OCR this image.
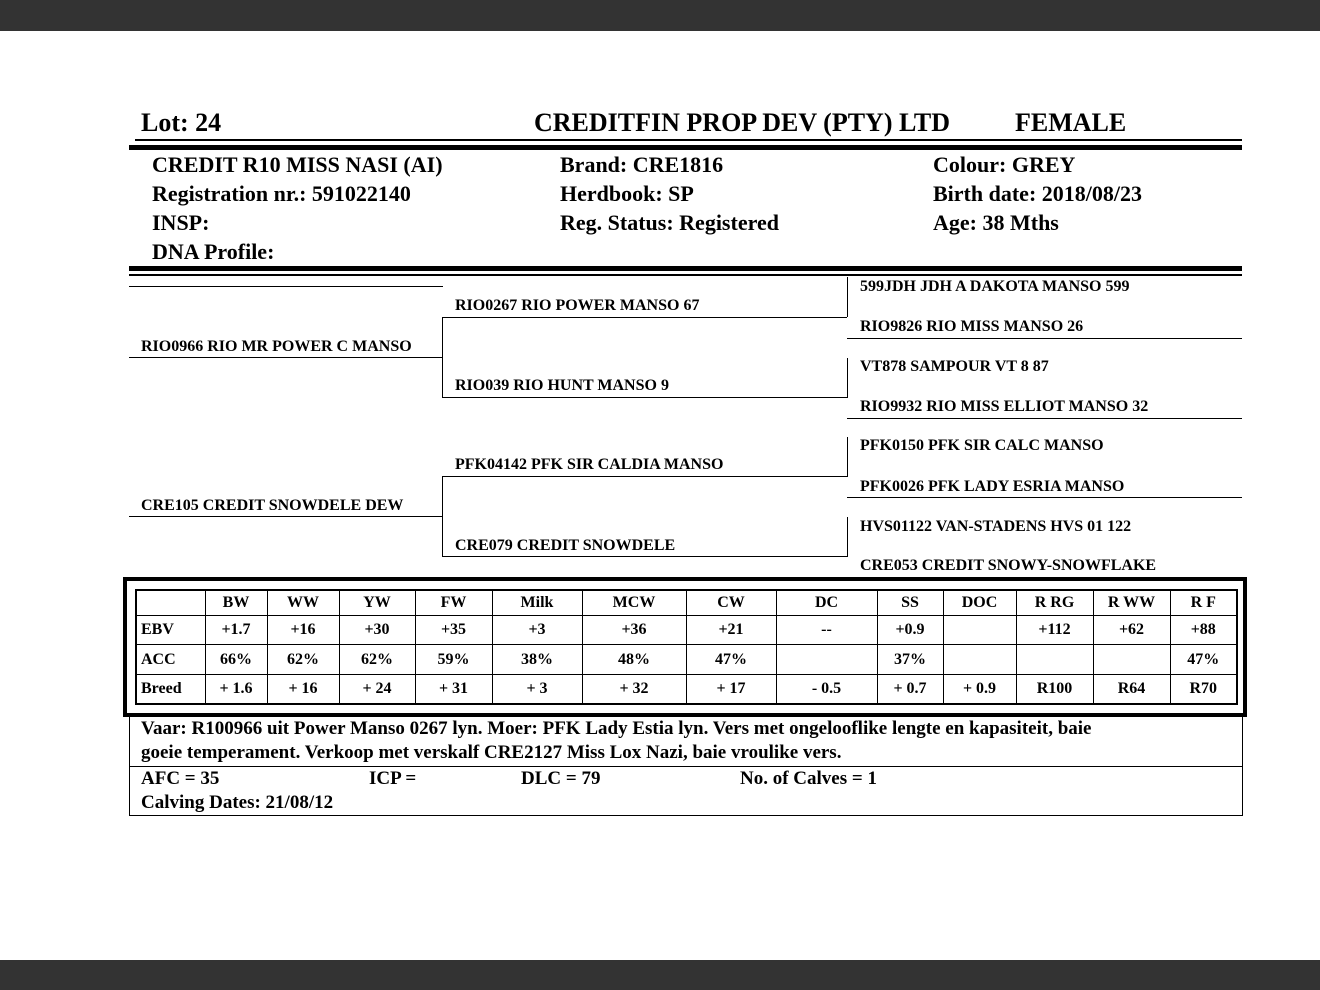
Lot: 24	CREDITFIN PROP DEV (PTY) LTD FEMALE
CREDIT R10 MISS NASI (AI)
Registration nr.: 591022140
INSP:
DNA Profile:
Brand: CRE1816
Herdbook: SP
Reg. Status: Registered
Colour: GREY
Birth date: 2018/08/23
Age: 38 Mths
RIO0966 RIO MR POWER C MANSO
CRE105 CREDIT SNOWDELE DEW
RIO0267 RIO POWER MANSO 67
RIO039 RIO HUNT MANSO 9
PFK04142 PFK SIR CALDIA MANSO
CRE079 CREDIT SNOWDELE
599JDH JDH A DAKOTA MANSO 599
RIO9826 RIO MISS MANSO 26
VT878 SAMPOUR VT 8 87
RIO9932 RIO MISS ELLIOT MANSO 32
PFK0150 PFK SIR CALC MANSO
PFK0026 PFK LADY ESRIA MANSO
HVS01122 VAN-STADENS HVS 01 122
CRE053 CREDIT SNOWY-SNOWFLAKE
	BW	WW	YW	FW	Milk	MCW	CW	DC	SS	DOC	R RG	R WW	R F
EBV	+1.7	+16	+30	+35	+3	+36	+21	--	+0.9		+112	+62	+88
ACC	66%	62%	62%	59%	38%	48%	47%		37%				47%
Breed	+ 1.6	+ 16	+ 24	+ 31	+ 3	+ 32	+ 17	- 0.5	+ 0.7	+ 0.9	R100	R64	R70
Vaar: R100966 uit Power Manso 0267 lyn. Moer: PFK Lady Estia lyn. Vers met ongelooflike lengte en kapasiteit, baie
goeie temperament. Verkoop met verskalf CRE2127 Miss Lox Nazi, baie vroulike vers.
AFC = 35	ICP =	DLC = 79	No. of Calves = 1
Calving Dates: 21/08/12
